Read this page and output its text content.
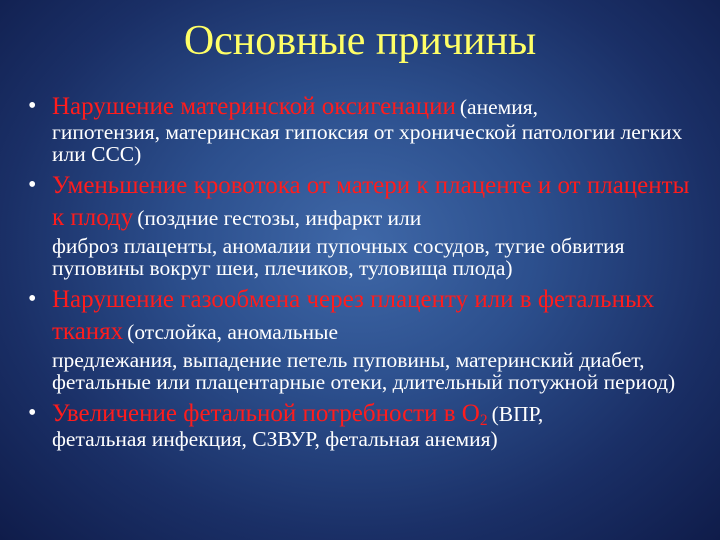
Основные причины
• Нарушение материнской оксигенации (анемия,
гипотензия, материнская гипоксия от хронической патологии легких или ССС)
• Уменьшение кровотока от матери к плаценте и от плаценты к плоду (поздние гестозы, инфаркт или
фиброз плаценты, аномалии пупочных сосудов, тугие обвития пуповины вокруг шеи, плечиков, туловища плода)
• Нарушение газообмена через плаценту или в фетальных тканях (отслойка, аномальные
предлежания, выпадение петель пуповины, материнский диабет, фетальные или плацентарные отеки, длительный потужной период)
• Увеличение фетальной потребности в $О_2$ (ВПР,
фетальная инфекция, СЗВУР, фетальная анемия)
